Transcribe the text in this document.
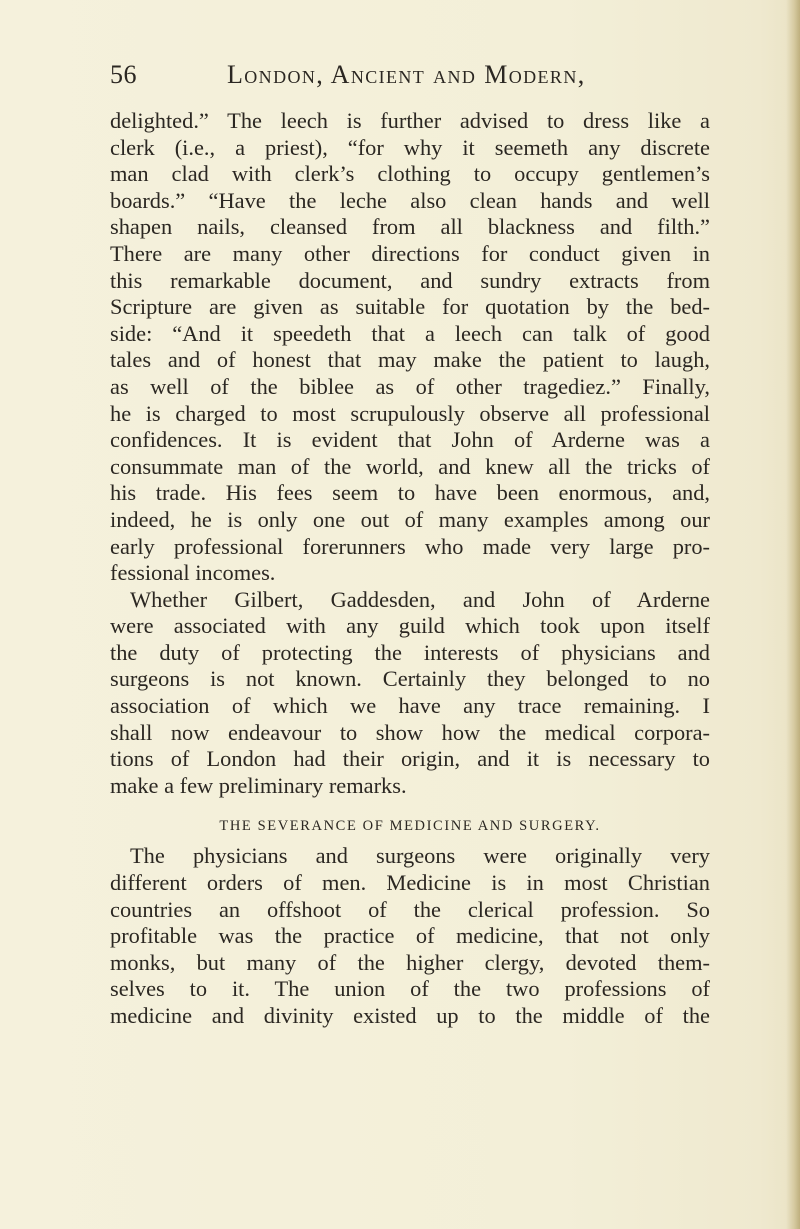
56	London, Ancient and Modern,
delighted.” The leech is further advised to dress like a
clerk (i.e., a priest), “for why it seemeth any discrete
man clad with clerk’s clothing to occupy gentlemen’s
boards.” “Have the leche also clean hands and well
shapen nails, cleansed from all blackness and filth.”
There are many other directions for conduct given in
this remarkable document, and sundry extracts from
Scripture are given as suitable for quotation by the bed-
side: “And it speedeth that a leech can talk of good
tales and of honest that may make the patient to laugh,
as well of the biblee as of other tragediez.” Finally,
he is charged to most scrupulously observe all professional
confidences. It is evident that John of Arderne was a
consummate man of the world, and knew all the tricks of
his trade. His fees seem to have been enormous, and,
indeed, he is only one out of many examples among our
early professional forerunners who made very large pro-
fessional incomes.
Whether Gilbert, Gaddesden, and John of Arderne
were associated with any guild which took upon itself
the duty of protecting the interests of physicians and
surgeons is not known. Certainly they belonged to no
association of which we have any trace remaining. I
shall now endeavour to show how the medical corpora-
tions of London had their origin, and it is necessary to
make a few preliminary remarks.
THE SEVERANCE OF MEDICINE AND SURGERY.
The physicians and surgeons were originally very
different orders of men. Medicine is in most Christian
countries an offshoot of the clerical profession. So
profitable was the practice of medicine, that not only
monks, but many of the higher clergy, devoted them-
selves to it. The union of the two professions of
medicine and divinity existed up to the middle of the
